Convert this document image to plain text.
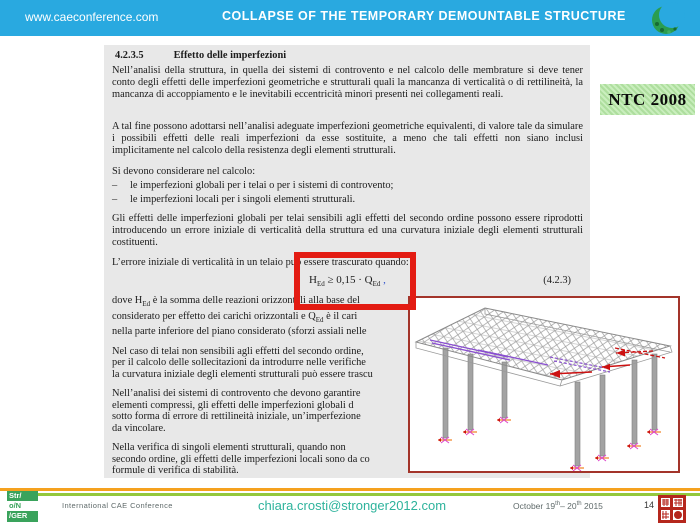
www.caeconference.com	COLLAPSE OF THE TEMPORARY DEMOUNTABLE STRUCTURE
NTC 2008
4.2.3.5	Effetto delle imperfezioni

Nell’analisi della struttura, in quella dei sistemi di controvento e nel calcolo delle membrature si deve tener conto degli effetti delle imperfezioni geometriche e strutturali quali la mancanza di verticalità o di rettilineità, la mancanza di accoppiamento e le inevitabili eccentricità minori presenti nei collegamenti reali.

A tal fine possono adottarsi nell’analisi adeguate imperfezioni geometriche equivalenti, di valore tale da simulare i possibili effetti delle reali imperfezioni da esse sostituite, a meno che tali effetti non siano inclusi implicitamente nel calcolo della resistenza degli elementi strutturali.

Si devono considerare nel calcolo:

– le imperfezioni globali per i telai o per i sistemi di controvento;
– le imperfezioni locali per i singoli elementi strutturali.

Gli effetti delle imperfezioni globali per telai sensibili agli effetti del secondo ordine possono essere riprodotti introducendo un errore iniziale di verticalità della struttura ed una curvatura iniziale degli elementi strutturali costituenti.

L’errore iniziale di verticalità in un telaio può essere trascurato quando:

$H_{Ed} \ge 0,15 \cdot Q_{Ed}$ ,	(4.2.3)
dove $H_{Ed}$ è la somma delle reazioni orizzontali alla base del
considerato per effetto dei carichi orizzontali e $Q_{Ed}$ è il cari
nella parte inferiore del piano considerato (sforzi assiali nelle
Nel caso di telai non sensibili agli effetti del secondo ordine,
per il calcolo delle sollecitazioni da introdurre nelle verifiche
la curvatura iniziale degli elementi strutturali può essere trascu
Nell’analisi dei sistemi di controvento che devono garantire
elementi compressi, gli effetti delle imperfezioni globali d
sotto forma di errore di rettilineità iniziale, un’imperfezione
da vincolare.
Nella verifica di singoli elementi strutturali, quando non
secondo ordine, gli effetti delle imperfezioni locali sono da co
formule di verifica di stabilità.
Str/
o/N
/GER
International CAE Conference	chiara.crosti@stronger2012.com	October 19th– 20th 2015	14
